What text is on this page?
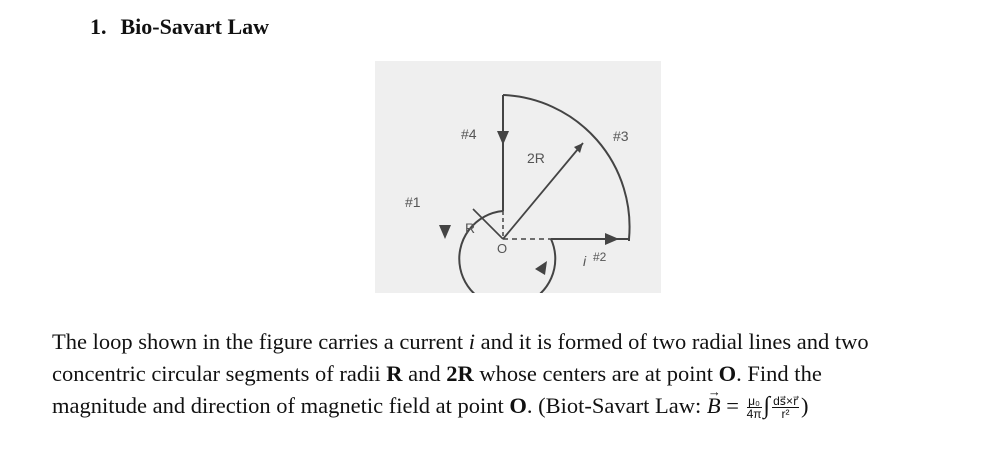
1. Bio-Savart Law
#4	#3
#1
#2
2R
R
O
i
The loop shown in the figure carries a current i and it is formed of two radial lines and two
concentric circular segments of radii R and 2R whose centers are at point O. Find the
magnitude and direction of magnetic field at point O. (Biot-Savart Law: B → = $\frac{\text{μ₀}}{4\pi}$ ∫ $\frac{ds⃗\times r⃗}{\text{r²}}$ )
